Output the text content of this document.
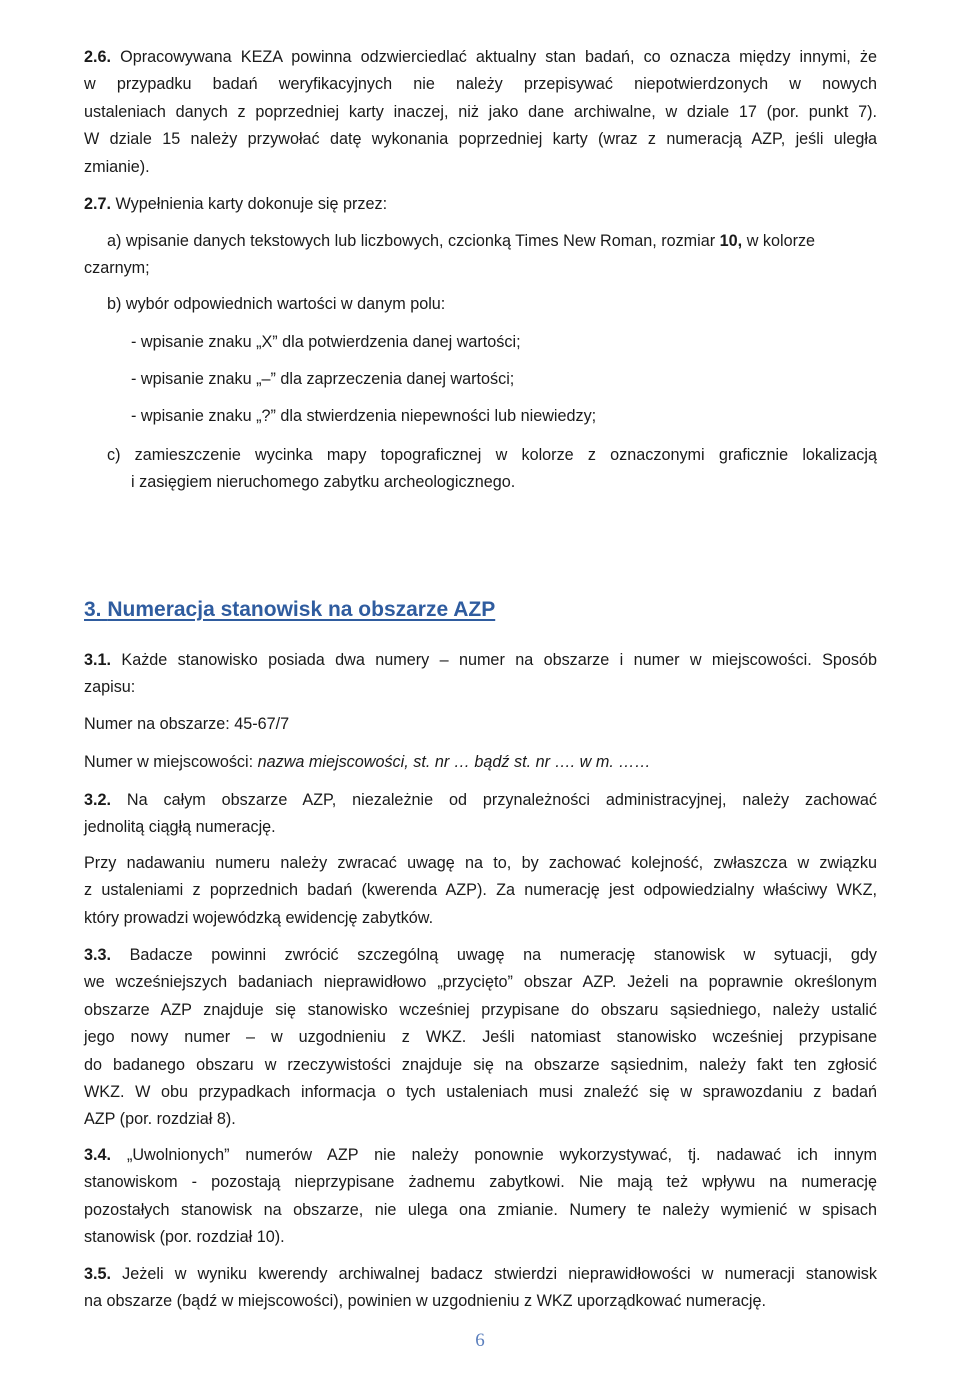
2.6. Opracowywana KEZA powinna odzwierciedlać aktualny stan badań, co oznacza między innymi, że
w przypadku badań weryfikacyjnych nie należy przepisywać niepotwierdzonych w nowych
ustaleniach danych z poprzedniej karty inaczej, niż jako dane archiwalne, w dziale 17 (por. punkt 7).
W dziale 15 należy przywołać datę wykonania poprzedniej karty (wraz z numeracją AZP, jeśli uległa
zmianie).
2.7. Wypełnienia karty dokonuje się przez:
a) wpisanie danych tekstowych lub liczbowych, czcionką Times New Roman, rozmiar 10, w kolorze
czarnym;
b) wybór odpowiednich wartości w danym polu:
- wpisanie znaku „X” dla potwierdzenia danej wartości;
- wpisanie znaku „–” dla zaprzeczenia danej wartości;
- wpisanie znaku „?” dla stwierdzenia niepewności lub niewiedzy;
c) zamieszczenie wycinka mapy topograficznej w kolorze z oznaczonymi graficznie lokalizacją
i zasięgiem nieruchomego zabytku archeologicznego.
3. Numeracja stanowisk na obszarze AZP
3.1. Każde stanowisko posiada dwa numery – numer na obszarze i numer w miejscowości. Sposób
zapisu:
Numer na obszarze: 45-67/7
Numer w miejscowości: nazwa miejscowości, st. nr … bądź st. nr …. w m. ……
3.2. Na całym obszarze AZP, niezależnie od przynależności administracyjnej, należy zachować
jednolitą ciągłą numerację.
Przy nadawaniu numeru należy zwracać uwagę na to, by zachować kolejność, zwłaszcza w związku
z ustaleniami z poprzednich badań (kwerenda AZP). Za numerację jest odpowiedzialny właściwy WKZ,
który prowadzi wojewódzką ewidencję zabytków.
3.3. Badacze powinni zwrócić szczególną uwagę na numerację stanowisk w sytuacji, gdy
we wcześniejszych badaniach nieprawidłowo „przycięto” obszar AZP. Jeżeli na poprawnie określonym
obszarze AZP znajduje się stanowisko wcześniej przypisane do obszaru sąsiedniego, należy ustalić
jego nowy numer – w uzgodnieniu z WKZ. Jeśli natomiast stanowisko wcześniej przypisane
do badanego obszaru w rzeczywistości znajduje się na obszarze sąsiednim, należy fakt ten zgłosić
WKZ. W obu przypadkach informacja o tych ustaleniach musi znaleźć się w sprawozdaniu z badań
AZP (por. rozdział 8).
3.4. „Uwolnionych” numerów AZP nie należy ponownie wykorzystywać, tj. nadawać ich innym
stanowiskom - pozostają nieprzypisane żadnemu zabytkowi. Nie mają też wpływu na numerację
pozostałych stanowisk na obszarze, nie ulega ona zmianie. Numery te należy wymienić w spisach
stanowisk (por. rozdział 10).
3.5. Jeżeli w wyniku kwerendy archiwalnej badacz stwierdzi nieprawidłowości w numeracji stanowisk
na obszarze (bądź w miejscowości), powinien w uzgodnieniu z WKZ uporządkować numerację.
6
